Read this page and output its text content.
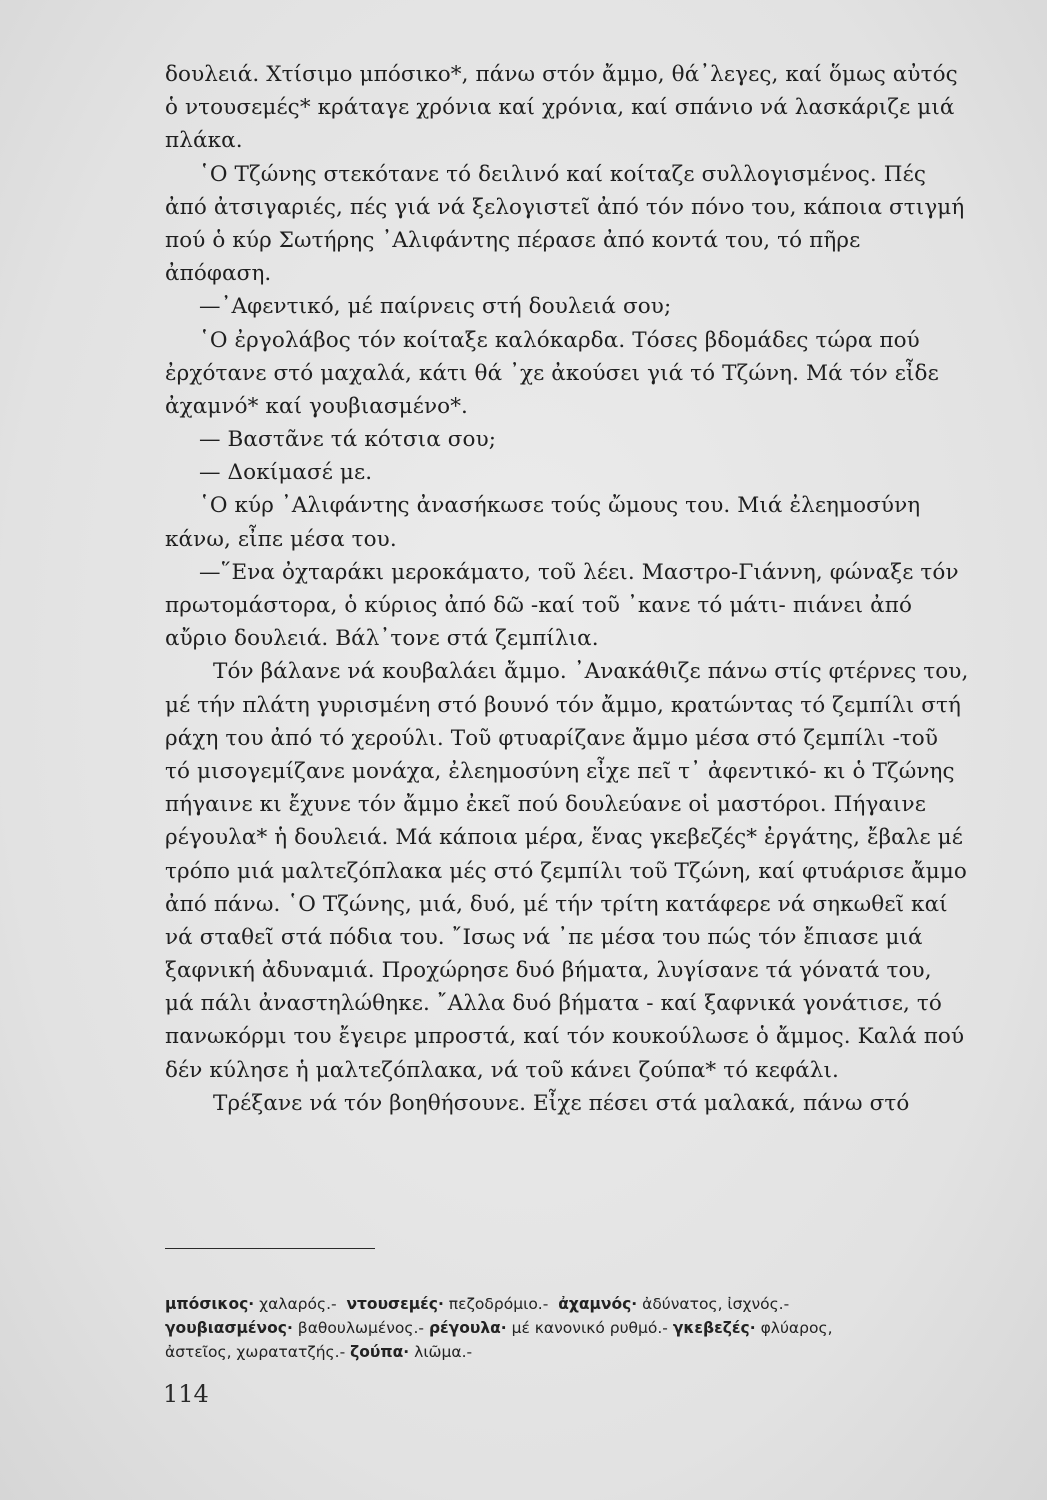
δουλειά. Χτίσιμο μπόσικο*, πάνω στόν ἄμμο, θά᾽λεγες, καί ὅμως αὐτός
ὁ ντουσεμές* κράταγε χρόνια καί χρόνια, καί σπάνιο νά λασκάριζε μιά
πλάκα.
῾Ο Τζώνης στεκότανε τό δειλινό καί κοίταζε συλλογισμένος. Πές
ἀπό ἀτσιγαριές, πές γιά νά ξελογιστεῖ ἀπό τόν πόνο του, κάποια στιγμή
πού ὁ κύρ Σωτήρης ᾽Αλιφάντης πέρασε ἀπό κοντά του, τό πῆρε
ἀπόφαση.
—᾽Αφεντικό, μέ παίρνεις στή δουλειά σου;
῾Ο ἐργολάβος τόν κοίταξε καλόκαρδα. Τόσες βδομάδες τώρα πού
ἐρχότανε στό μαχαλά, κάτι θά ᾽χε ἀκούσει γιά τό Τζώνη. Μά τόν εἶδε
ἀχαμνό* καί γουβιασμένο*.
— Βαστᾶνε τά κότσια σου;
— Δοκίμασέ με.
῾Ο κύρ ᾽Αλιφάντης ἀνασήκωσε τούς ὤμους του. Μιά ἐλεημοσύνη
κάνω, εἶπε μέσα του.
—῞Ενα ὀχταράκι μεροκάματο, τοῦ λέει. Μαστρο-Γιάννη, φώναξε τόν
πρωτομάστορα, ὁ κύριος ἀπό δῶ -καί τοῦ ᾽κανε τό μάτι- πιάνει ἀπό
αὔριο δουλειά. Βάλ᾽τονε στά ζεμπίλια.
Τόν βάλανε νά κουβαλάει ἄμμο. ᾽Ανακάθιζε πάνω στίς φτέρνες του,
μέ τήν πλάτη γυρισμένη στό βουνό τόν ἄμμο, κρατώντας τό ζεμπίλι στή
ράχη του ἀπό τό χερούλι. Τοῦ φτυαρίζανε ἄμμο μέσα στό ζεμπίλι -τοῦ
τό μισογεμίζανε μονάχα, ἐλεημοσύνη εἶχε πεῖ τ᾽ ἀφεντικό- κι ὁ Τζώνης
πήγαινε κι ἔχυνε τόν ἄμμο ἐκεῖ πού δουλεύανε οἱ μαστόροι. Πήγαινε
ρέγουλα* ἡ δουλειά. Μά κάποια μέρα, ἕνας γκεβεζές* ἐργάτης, ἔβαλε μέ
τρόπο μιά μαλτεζόπλακα μές στό ζεμπίλι τοῦ Τζώνη, καί φτυάρισε ἄμμο
ἀπό πάνω. ῾Ο Τζώνης, μιά, δυό, μέ τήν τρίτη κατάφερε νά σηκωθεῖ καί
νά σταθεῖ στά πόδια του. ῎Ισως νά ᾽πε μέσα του πώς τόν ἔπιασε μιά
ξαφνική ἀδυναμιά. Προχώρησε δυό βήματα, λυγίσανε τά γόνατά του,
μά πάλι ἀναστηλώθηκε. ῎Αλλα δυό βήματα - καί ξαφνικά γονάτισε, τό
πανωκόρμι του ἔγειρε μπροστά, καί τόν κουκούλωσε ὁ ἄμμος. Καλά πού
δέν κύλησε ἡ μαλτεζόπλακα, νά τοῦ κάνει ζούπα* τό κεφάλι.
Τρέξανε νά τόν βοηθήσουνε. Εἶχε πέσει στά μαλακά, πάνω στό
μπόσικος· χαλαρός.- ντουσεμές· πεζοδρόμιο.- ἀχαμνός· ἀδύνατος, ἰσχνός.-
γουβιασμένος· βαθουλωμένος.- ρέγουλα· μέ κανονικό ρυθμό.- γκεβεζές· φλύαρος,
ἀστεῖος, χωρατατζής.- ζούπα· λιῶμα.-
114
